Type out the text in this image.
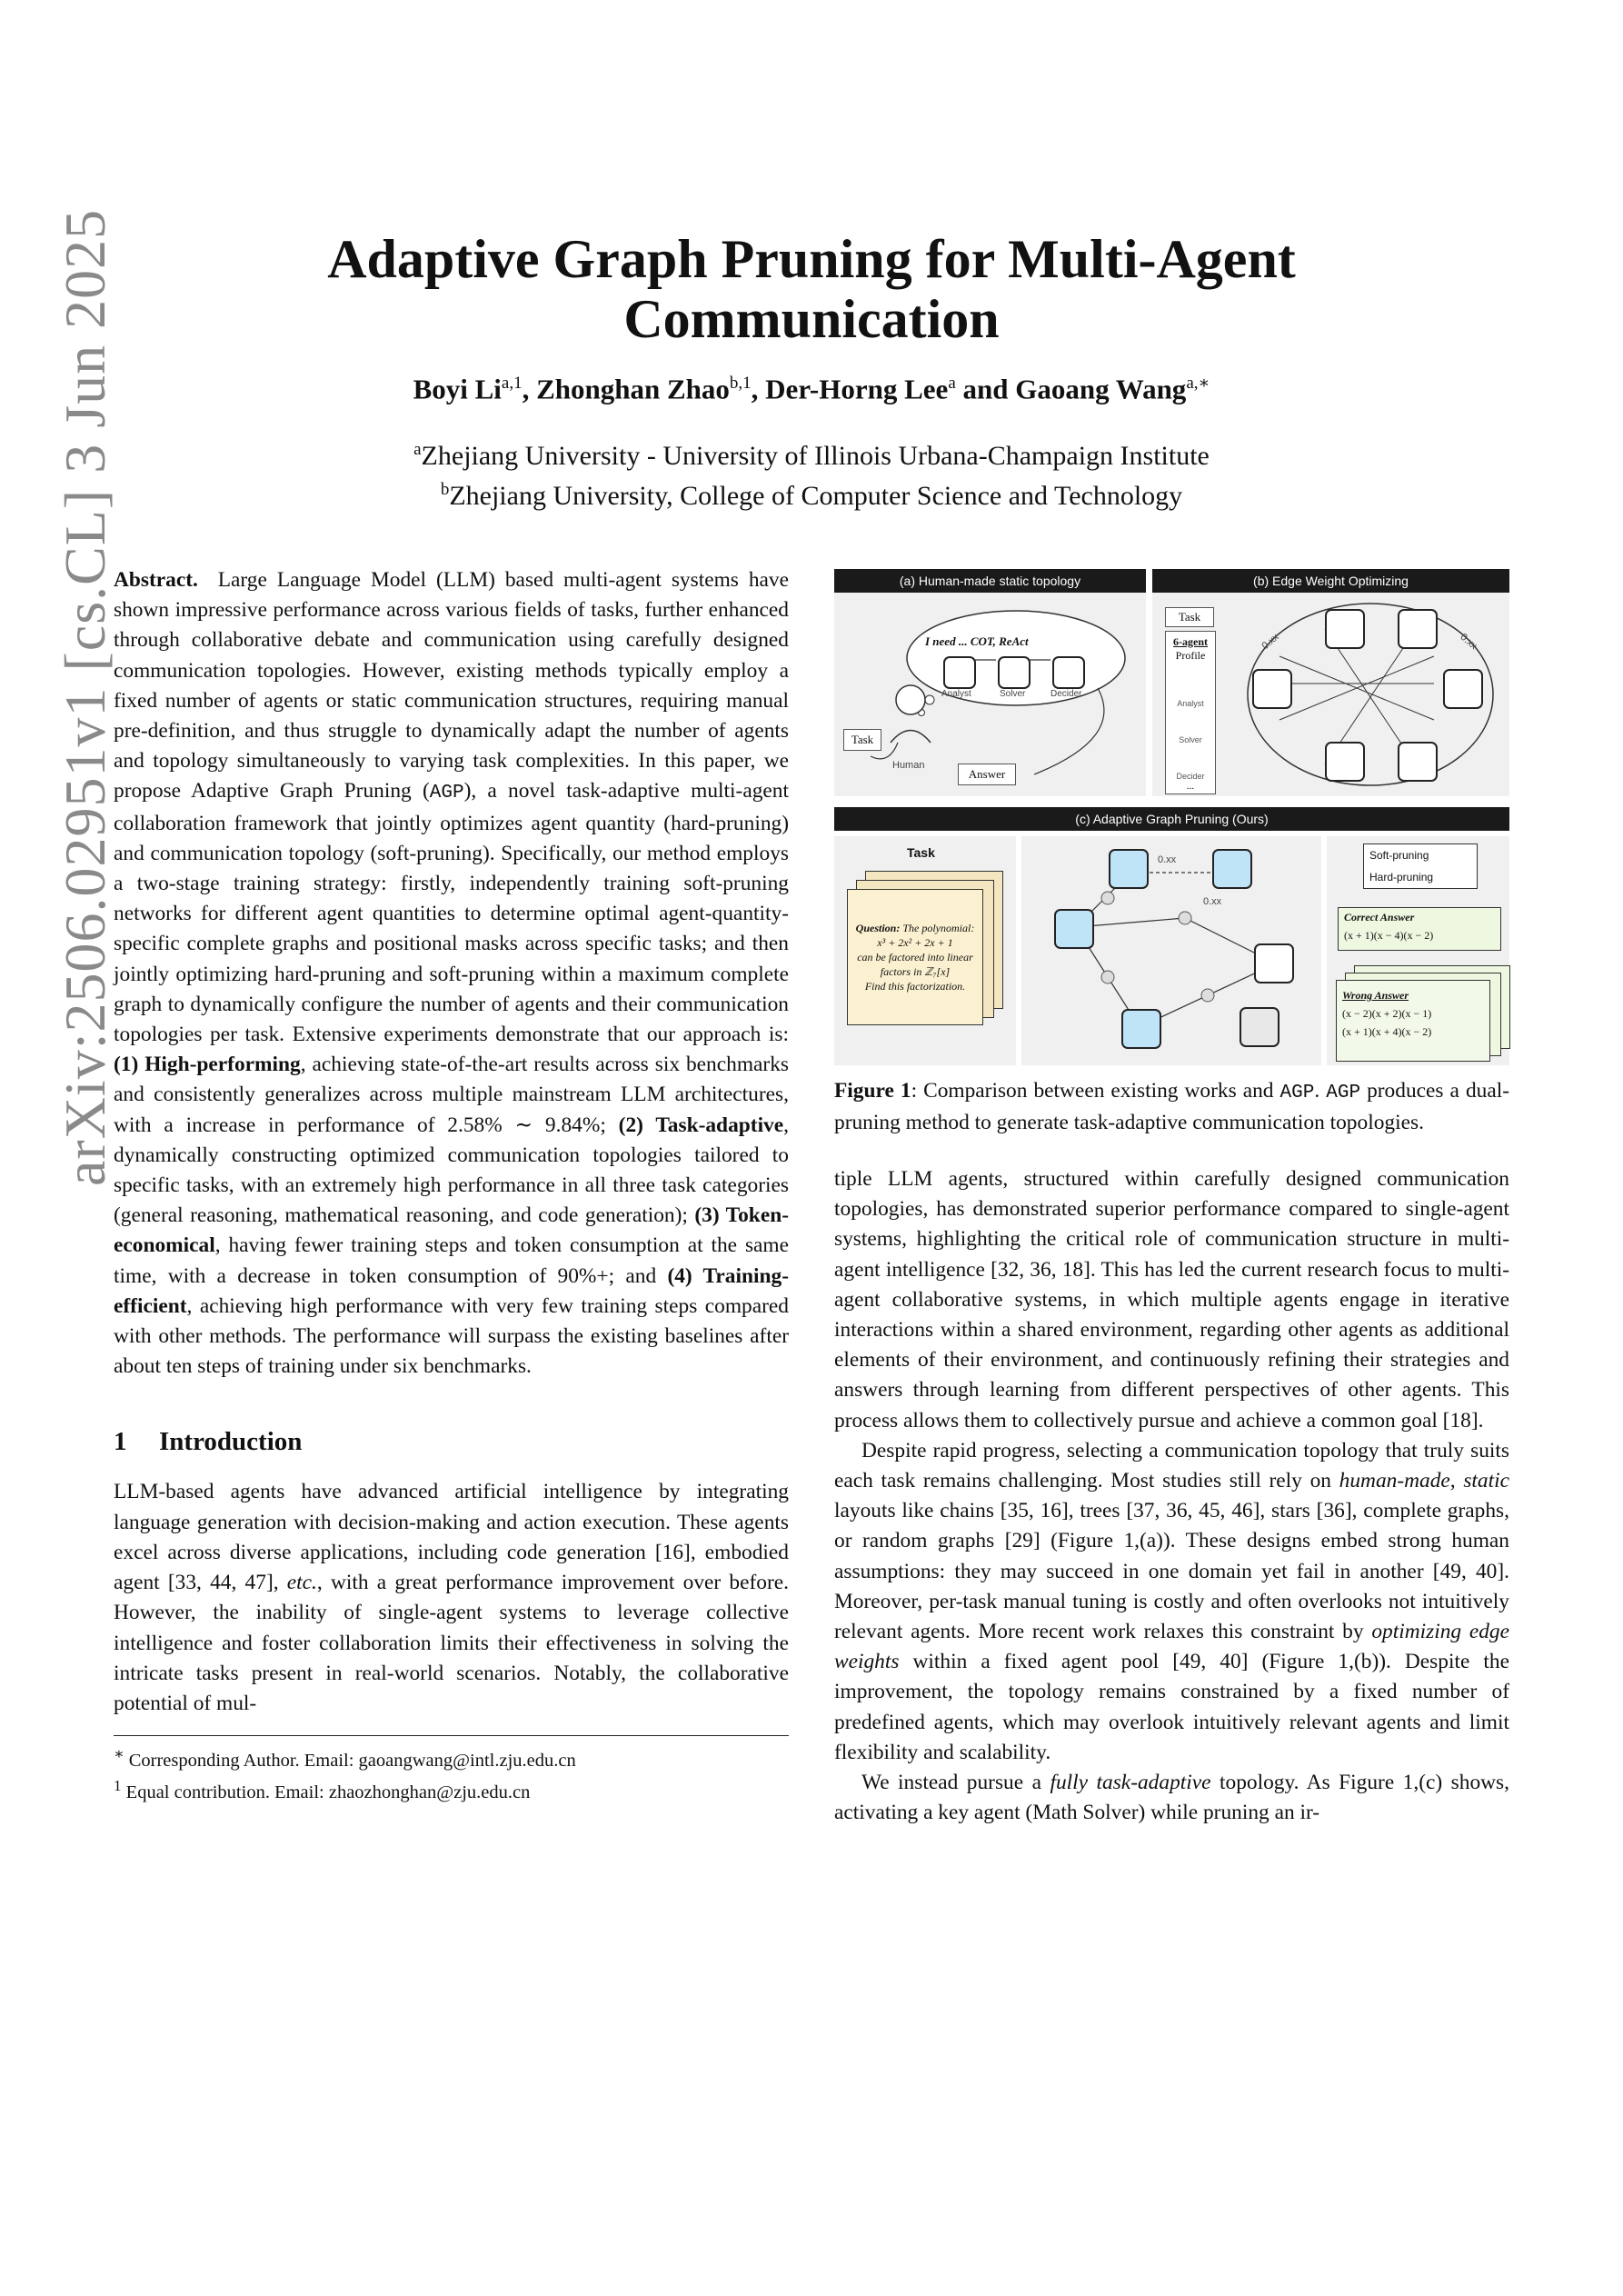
arXiv:2506.02951v1 [cs.CL] 3 Jun 2025	Adaptive Graph Pruning for Multi-Agent
Communication
Boyi Li$^{a,1}$, Zhonghan Zhao$^{b,1}$, Der-Horng Lee$^a$ and Gaoang Wang$^{a,∗}$
$^a$Zhejiang University - University of Illinois Urbana-Champaign Institute
$^b$Zhejiang University, College of Computer Science and Technology

Abstract. Large Language Model (LLM) based multi-agent systems have shown impressive performance across various fields of tasks, further enhanced through collaborative debate and communication using carefully designed communication topologies. However, existing methods typically employ a fixed number of agents or static communication structures, requiring manual pre-definition, and thus struggle to dynamically adapt the number of agents and topology simultaneously to varying task complexities. In this paper, we propose Adaptive Graph Pruning (AGP), a novel task-adaptive multi-agent collaboration framework that jointly optimizes agent quantity (hard-pruning) and communication topology (soft-pruning). Specifically, our method employs a two-stage training strategy: firstly, independently training soft-pruning networks for different agent quantities to determine optimal agent-quantity-specific complete graphs and positional masks across specific tasks; and then jointly optimizing hard-pruning and soft-pruning within a maximum complete graph to dynamically configure the number of agents and their communication topologies per task. Extensive experiments demonstrate that our approach is: (1) High-performing, achieving state-of-the-art results across six benchmarks and consistently generalizes across multiple mainstream LLM architectures, with a increase in performance of 2.58% ∼ 9.84%; (2) Task-adaptive, dynamically constructing optimized communication topologies tailored to specific tasks, with an extremely high performance in all three task categories (general reasoning, mathematical reasoning, and code generation); (3) Token-economical, having fewer training steps and token consumption at the same time, with a decrease in token consumption of 90%+; and (4) Training-efficient, achieving high performance with very few training steps compared with other methods. The performance will surpass the existing baselines after about ten steps of training under six benchmarks.

1 Introduction

LLM-based agents have advanced artificial intelligence by integrating language generation with decision-making and action execution. These agents excel across diverse applications, including code generation [16], embodied agent [33, 44, 47], etc., with a great performance improvement over before. However, the inability of single-agent systems to leverage collective intelligence and foster collaboration limits their effectiveness in solving the intricate tasks present in real-world scenarios. Notably, the collaborative potential of mul-

∗ Corresponding Author. Email: gaoangwang@intl.zju.edu.cn

$^1$ Equal contribution. Email: zhaozhonghan@zju.edu.cn

(a) Human-made static topology
I need ... COT, ReAct
Analyst	Solver	Decider
Task
Human
Answer
(b) Edge Weight Optimizing
Task
6-agent
Profile
Analyst
Solver
Decider
...
0.xx	0.xx
(c) Adaptive Graph Pruning (Ours)
Task
Question: The polynomial:
x³ + 2x² + 2x + 1
can be factored into linear
factors in ℤ₇[x]
Find this factorization.
0.xx
0.xx
Soft-pruning
Hard-pruning
Correct Answer
(x + 1)(x − 4)(x − 2)
Wrong Answer
(x − 2)(x + 2)(x − 1)
(x + 1)(x + 4)(x − 2)

Figure 1: Comparison between existing works and AGP. AGP produces a dual-pruning method to generate task-adaptive communication topologies.

tiple LLM agents, structured within carefully designed communication topologies, has demonstrated superior performance compared to single-agent systems, highlighting the critical role of communication structure in multi-agent intelligence [32, 36, 18]. This has led the current research focus to multi-agent collaborative systems, in which multiple agents engage in iterative interactions within a shared environment, regarding other agents as additional elements of their environment, and continuously refining their strategies and answers through learning from different perspectives of other agents. This process allows them to collectively pursue and achieve a common goal [18].

Despite rapid progress, selecting a communication topology that truly suits each task remains challenging. Most studies still rely on human-made, static layouts like chains [35, 16], trees [37, 36, 45, 46], stars [36], complete graphs, or random graphs [29] (Figure 1,(a)). These designs embed strong human assumptions: they may succeed in one domain yet fail in another [49, 40]. Moreover, per-task manual tuning is costly and often overlooks not intuitively relevant agents. More recent work relaxes this constraint by optimizing edge weights within a fixed agent pool [49, 40] (Figure 1,(b)). Despite the improvement, the topology remains constrained by a fixed number of predefined agents, which may overlook intuitively relevant agents and limit flexibility and scalability.

We instead pursue a fully task-adaptive topology. As Figure 1,(c) shows, activating a key agent (Math Solver) while pruning an ir-
